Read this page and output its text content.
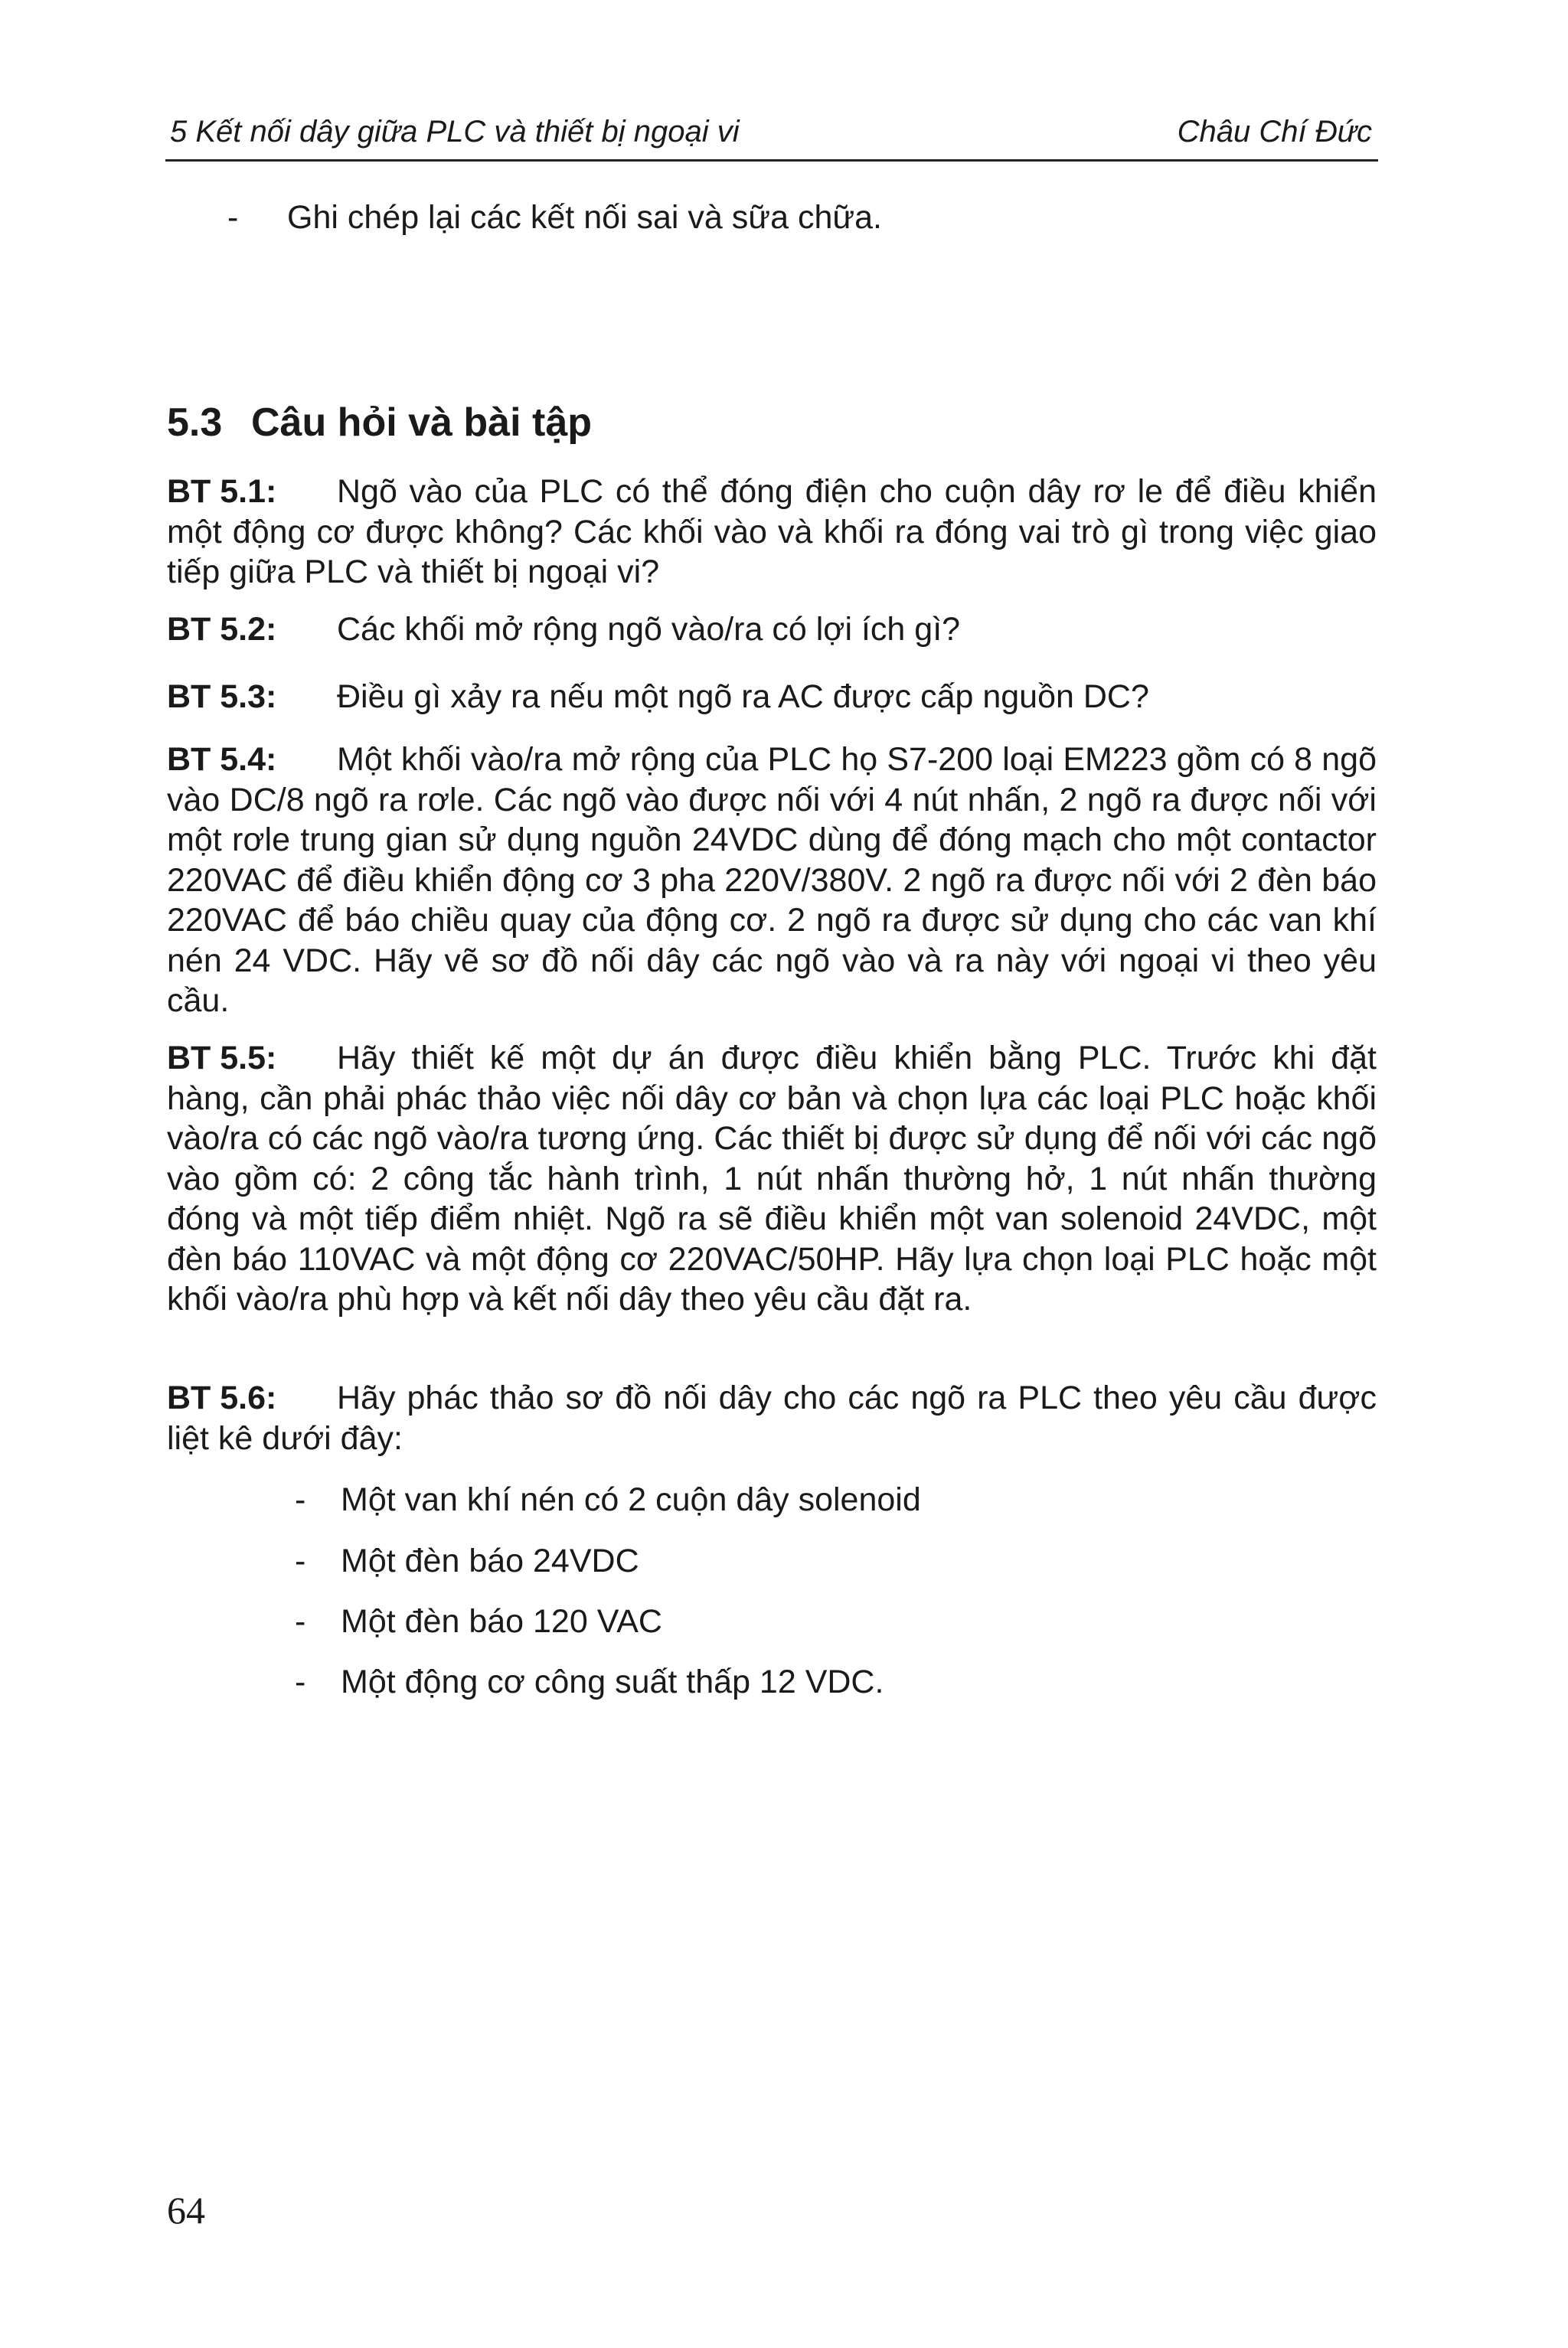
5 Kết nối dây giữa PLC và thiết bị ngoại vi	Châu Chí Đức
- Ghi chép lại các kết nối sai và sữa chữa.
5.3 Câu hỏi và bài tập
BT 5.1: Ngõ vào của PLC có thể đóng điện cho cuộn dây rơ le để điều khiển một động cơ được không? Các khối vào và khối ra đóng vai trò gì trong việc giao tiếp giữa PLC và thiết bị ngoại vi?
BT 5.2: Các khối mở rộng ngõ vào/ra có lợi ích gì?
BT 5.3: Điều gì xảy ra nếu một ngõ ra AC được cấp nguồn DC?
BT 5.4: Một khối vào/ra mở rộng của PLC họ S7-200 loại EM223 gồm có 8 ngõ vào DC/8 ngõ ra rơle. Các ngõ vào được nối với 4 nút nhấn, 2 ngõ ra được nối với một rơle trung gian sử dụng nguồn 24VDC dùng để đóng mạch cho một contactor 220VAC để điều khiển động cơ 3 pha 220V/380V. 2 ngõ ra được nối với 2 đèn báo 220VAC để báo chiều quay của động cơ. 2 ngõ ra được sử dụng cho các van khí nén 24 VDC. Hãy vẽ sơ đồ nối dây các ngõ vào và ra này với ngoại vi theo yêu cầu.
BT 5.5: Hãy thiết kế một dự án được điều khiển bằng PLC. Trước khi đặt hàng, cần phải phác thảo việc nối dây cơ bản và chọn lựa các loại PLC hoặc khối vào/ra có các ngõ vào/ra tương ứng. Các thiết bị được sử dụng để nối với các ngõ vào gồm có: 2 công tắc hành trình, 1 nút nhấn thường hở, 1 nút nhấn thường đóng và một tiếp điểm nhiệt. Ngõ ra sẽ điều khiển một van solenoid 24VDC, một đèn báo 110VAC và một động cơ 220VAC/50HP. Hãy lựa chọn loại PLC hoặc một khối vào/ra phù hợp và kết nối dây theo yêu cầu đặt ra.
BT 5.6: Hãy phác thảo sơ đồ nối dây cho các ngõ ra PLC theo yêu cầu được liệt kê dưới đây:
- Một van khí nén có 2 cuộn dây solenoid
- Một đèn báo 24VDC
- Một đèn báo 120 VAC
- Một động cơ công suất thấp 12 VDC.
64
